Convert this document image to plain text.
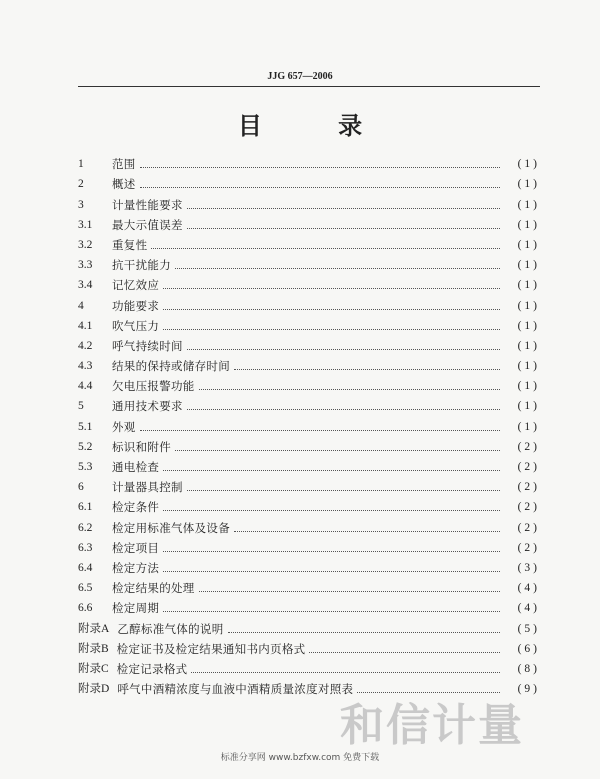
JJG 657—2006
目 录
1	范围	(1)
2	概述	(1)
3	计量性能要求	(1)
3.1	最大示值误差	(1)
3.2	重复性	(1)
3.3	抗干扰能力	(1)
3.4	记忆效应	(1)
4	功能要求	(1)
4.1	吹气压力	(1)
4.2	呼气持续时间	(1)
4.3	结果的保持或储存时间	(1)
4.4	欠电压报警功能	(1)
5	通用技术要求	(1)
5.1	外观	(1)
5.2	标识和附件	(2)
5.3	通电检查	(2)
6	计量器具控制	(2)
6.1	检定条件	(2)
6.2	检定用标准气体及设备	(2)
6.3	检定项目	(2)
6.4	检定方法	(3)
6.5	检定结果的处理	(4)
6.6	检定周期	(4)
附录A 乙醇标准气体的说明	(5)
附录B 检定证书及检定结果通知书内页格式	(6)
附录C 检定记录格式	(8)
附录D 呼气中酒精浓度与血液中酒精质量浓度对照表	(9)
和信计量
标准分享网 www.bzfxw.com 免费下载
